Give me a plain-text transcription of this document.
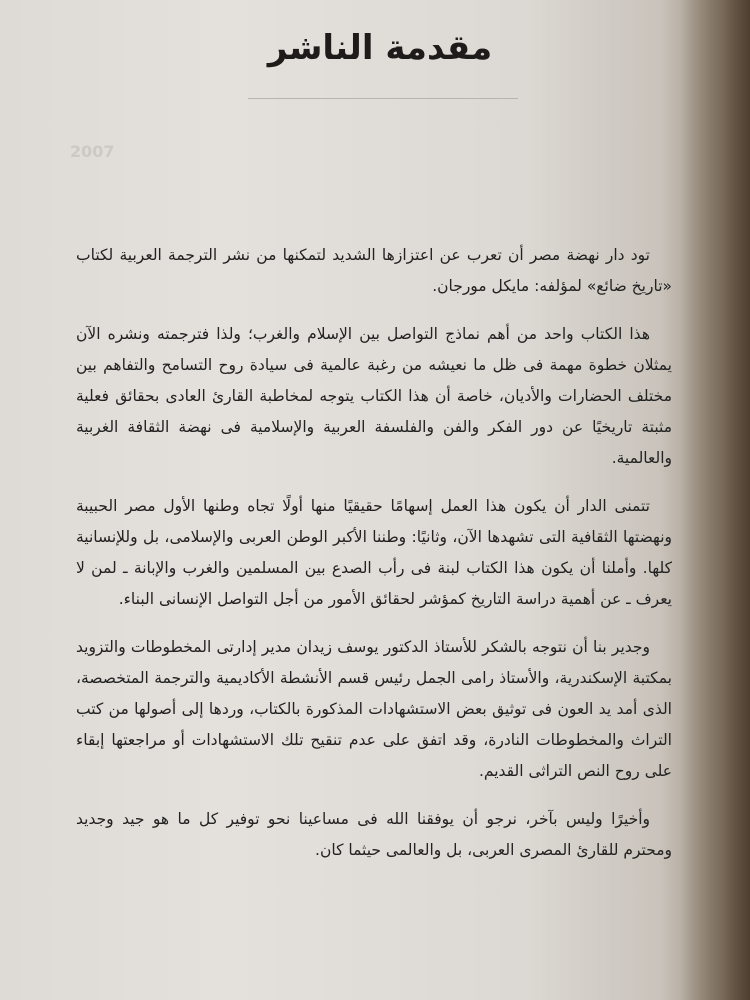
2007
مقدمة الناشر

تود دار نهضة مصر أن تعرب عن اعتزازها الشديد لتمكنها من نشر الترجمة العربية لكتاب «تاريخ ضائع» لمؤلفه: مايكل مورجان.

هذا الكتاب واحد من أهم نماذج التواصل بين الإسلام والغرب؛ ولذا فترجمته ونشره الآن يمثلان خطوة مهمة فى ظل ما نعيشه من رغبة عالمية فى سيادة روح التسامح والتفاهم بين مختلف الحضارات والأديان، خاصة أن هذا الكتاب يتوجه لمخاطبة القارئ العادى بحقائق فعلية مثبتة تاريخيًا عن دور الفكر والفن والفلسفة العربية والإسلامية فى نهضة الثقافة الغربية والعالمية.

تتمنى الدار أن يكون هذا العمل إسهامًا حقيقيًا منها أولًا تجاه وطنها الأول مصر الحبيبة ونهضتها الثقافية التى تشهدها الآن، وثانيًا: وطننا الأكبر الوطن العربى والإسلامى، بل وللإنسانية كلها. وأملنا أن يكون هذا الكتاب لبنة فى رأب الصدع بين المسلمين والغرب والإبانة ـ لمن لا يعرف ـ عن أهمية دراسة التاريخ كمؤشر لحقائق الأمور من أجل التواصل الإنسانى البناء.

وجدير بنا أن نتوجه بالشكر للأستاذ الدكتور يوسف زيدان مدير إدارتى المخطوطات والتزويد بمكتبة الإسكندرية، والأستاذ رامى الجمل رئيس قسم الأنشطة الأكاديمية والترجمة المتخصصة، الذى أمد يد العون فى توثيق بعض الاستشهادات المذكورة بالكتاب، وردها إلى أصولها من كتب التراث والمخطوطات النادرة، وقد اتفق على عدم تنقيح تلك الاستشهادات أو مراجعتها إبقاء على روح النص التراثى القديم.

وأخيرًا وليس بآخر، نرجو أن يوفقنا الله فى مساعينا نحو توفير كل ما هو جيد وجديد ومحترم للقارئ المصرى العربى، بل والعالمى حيثما كان.
